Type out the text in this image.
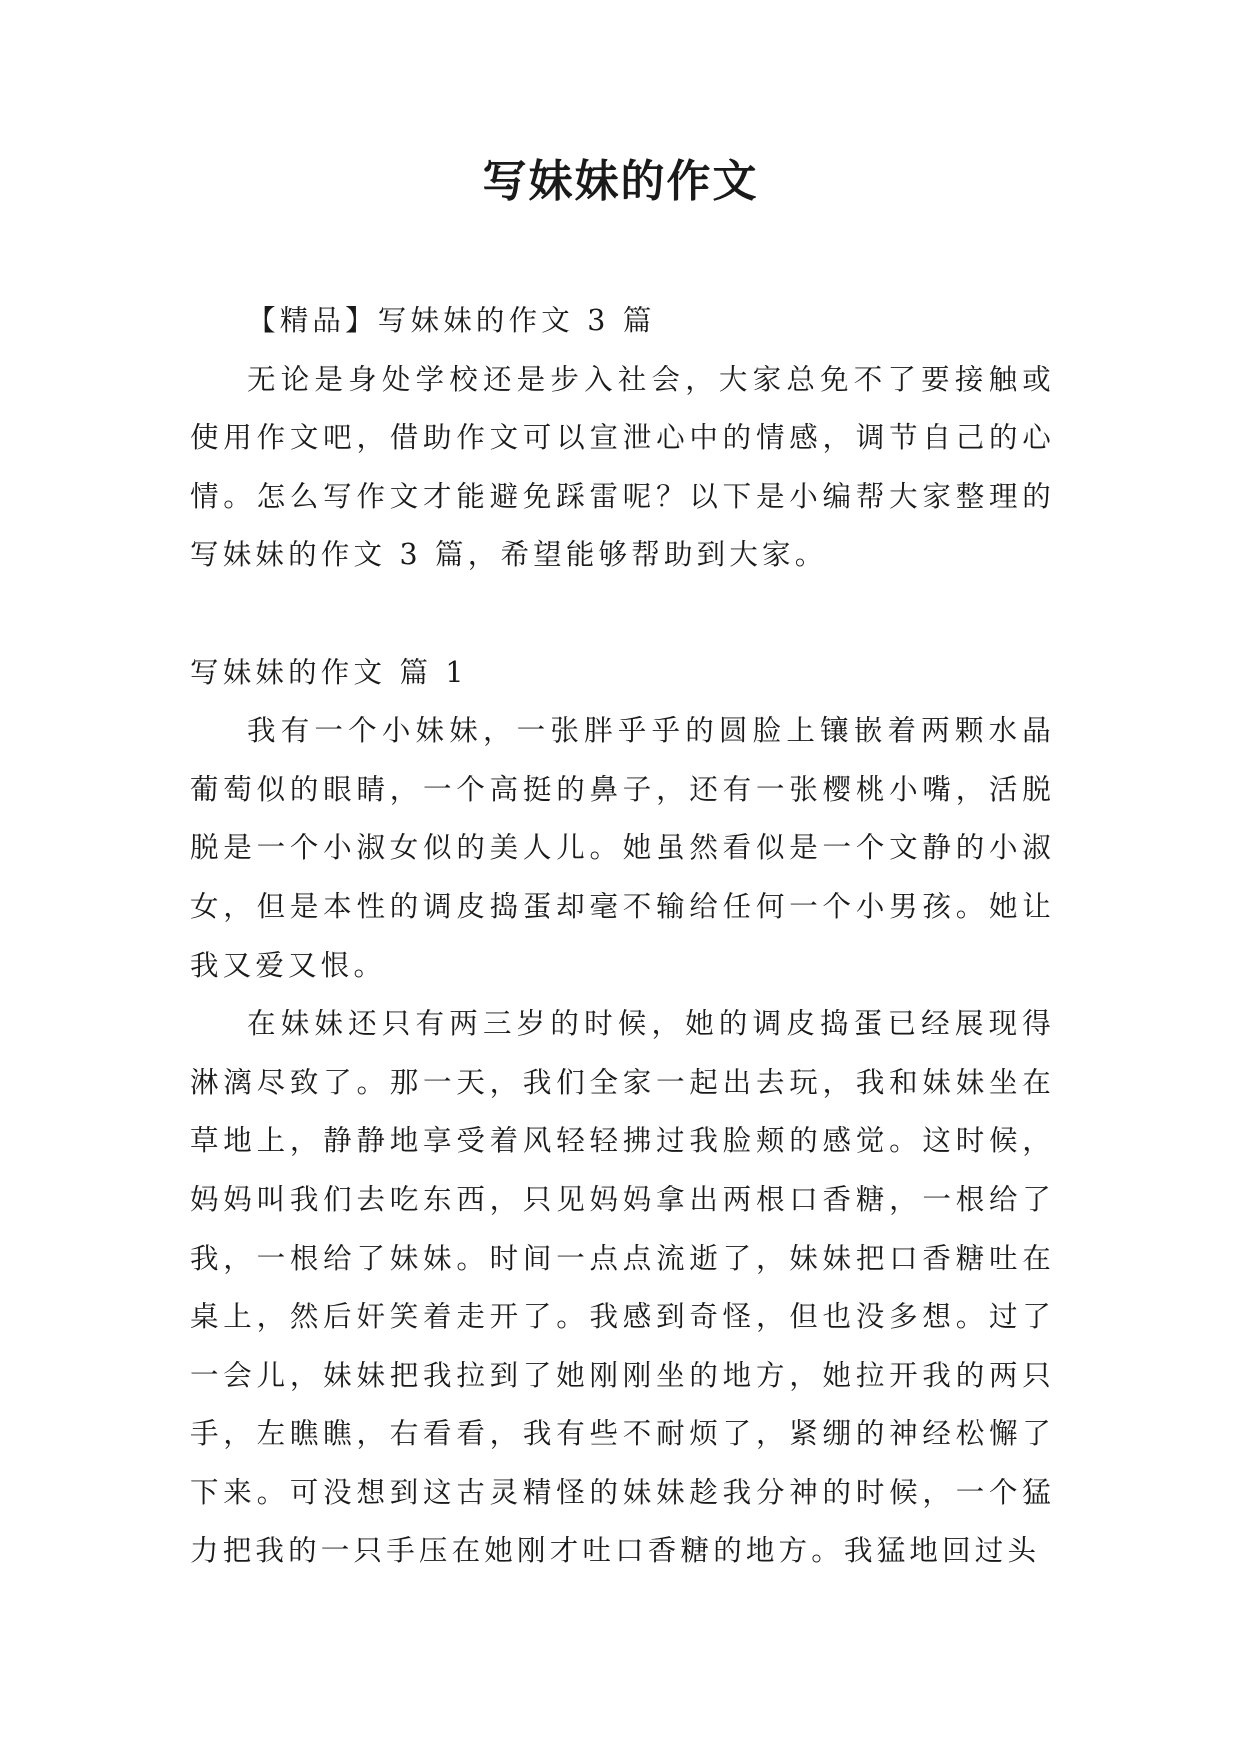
写妹妹的作文

【精品】写妹妹的作文 3 篇

无论是身处学校还是步入社会，大家总免不了要接触或使用作文吧，借助作文可以宣泄心中的情感，调节自己的心情。怎么写作文才能避免踩雷呢？以下是小编帮大家整理的写妹妹的作文 3 篇，希望能够帮助到大家。

写妹妹的作文 篇 1

我有一个小妹妹，一张胖乎乎的圆脸上镶嵌着两颗水晶葡萄似的眼睛，一个高挺的鼻子，还有一张樱桃小嘴，活脱脱是一个小淑女似的美人儿。她虽然看似是一个文静的小淑女，但是本性的调皮捣蛋却毫不输给任何一个小男孩。她让我又爱又恨。

在妹妹还只有两三岁的时候，她的调皮捣蛋已经展现得淋漓尽致了。那一天，我们全家一起出去玩，我和妹妹坐在草地上，静静地享受着风轻轻拂过我脸颊的感觉。这时候，妈妈叫我们去吃东西，只见妈妈拿出两根口香糖，一根给了我，一根给了妹妹。时间一点点流逝了，妹妹把口香糖吐在桌上，然后奸笑着走开了。我感到奇怪，但也没多想。过了一会儿，妹妹把我拉到了她刚刚坐的地方，她拉开我的两只手，左瞧瞧，右看看，我有些不耐烦了，紧绷的神经松懈了下来。可没想到这古灵精怪的妹妹趁我分神的时候，一个猛力把我的一只手压在她刚才吐口香糖的地方。我猛地回过头
